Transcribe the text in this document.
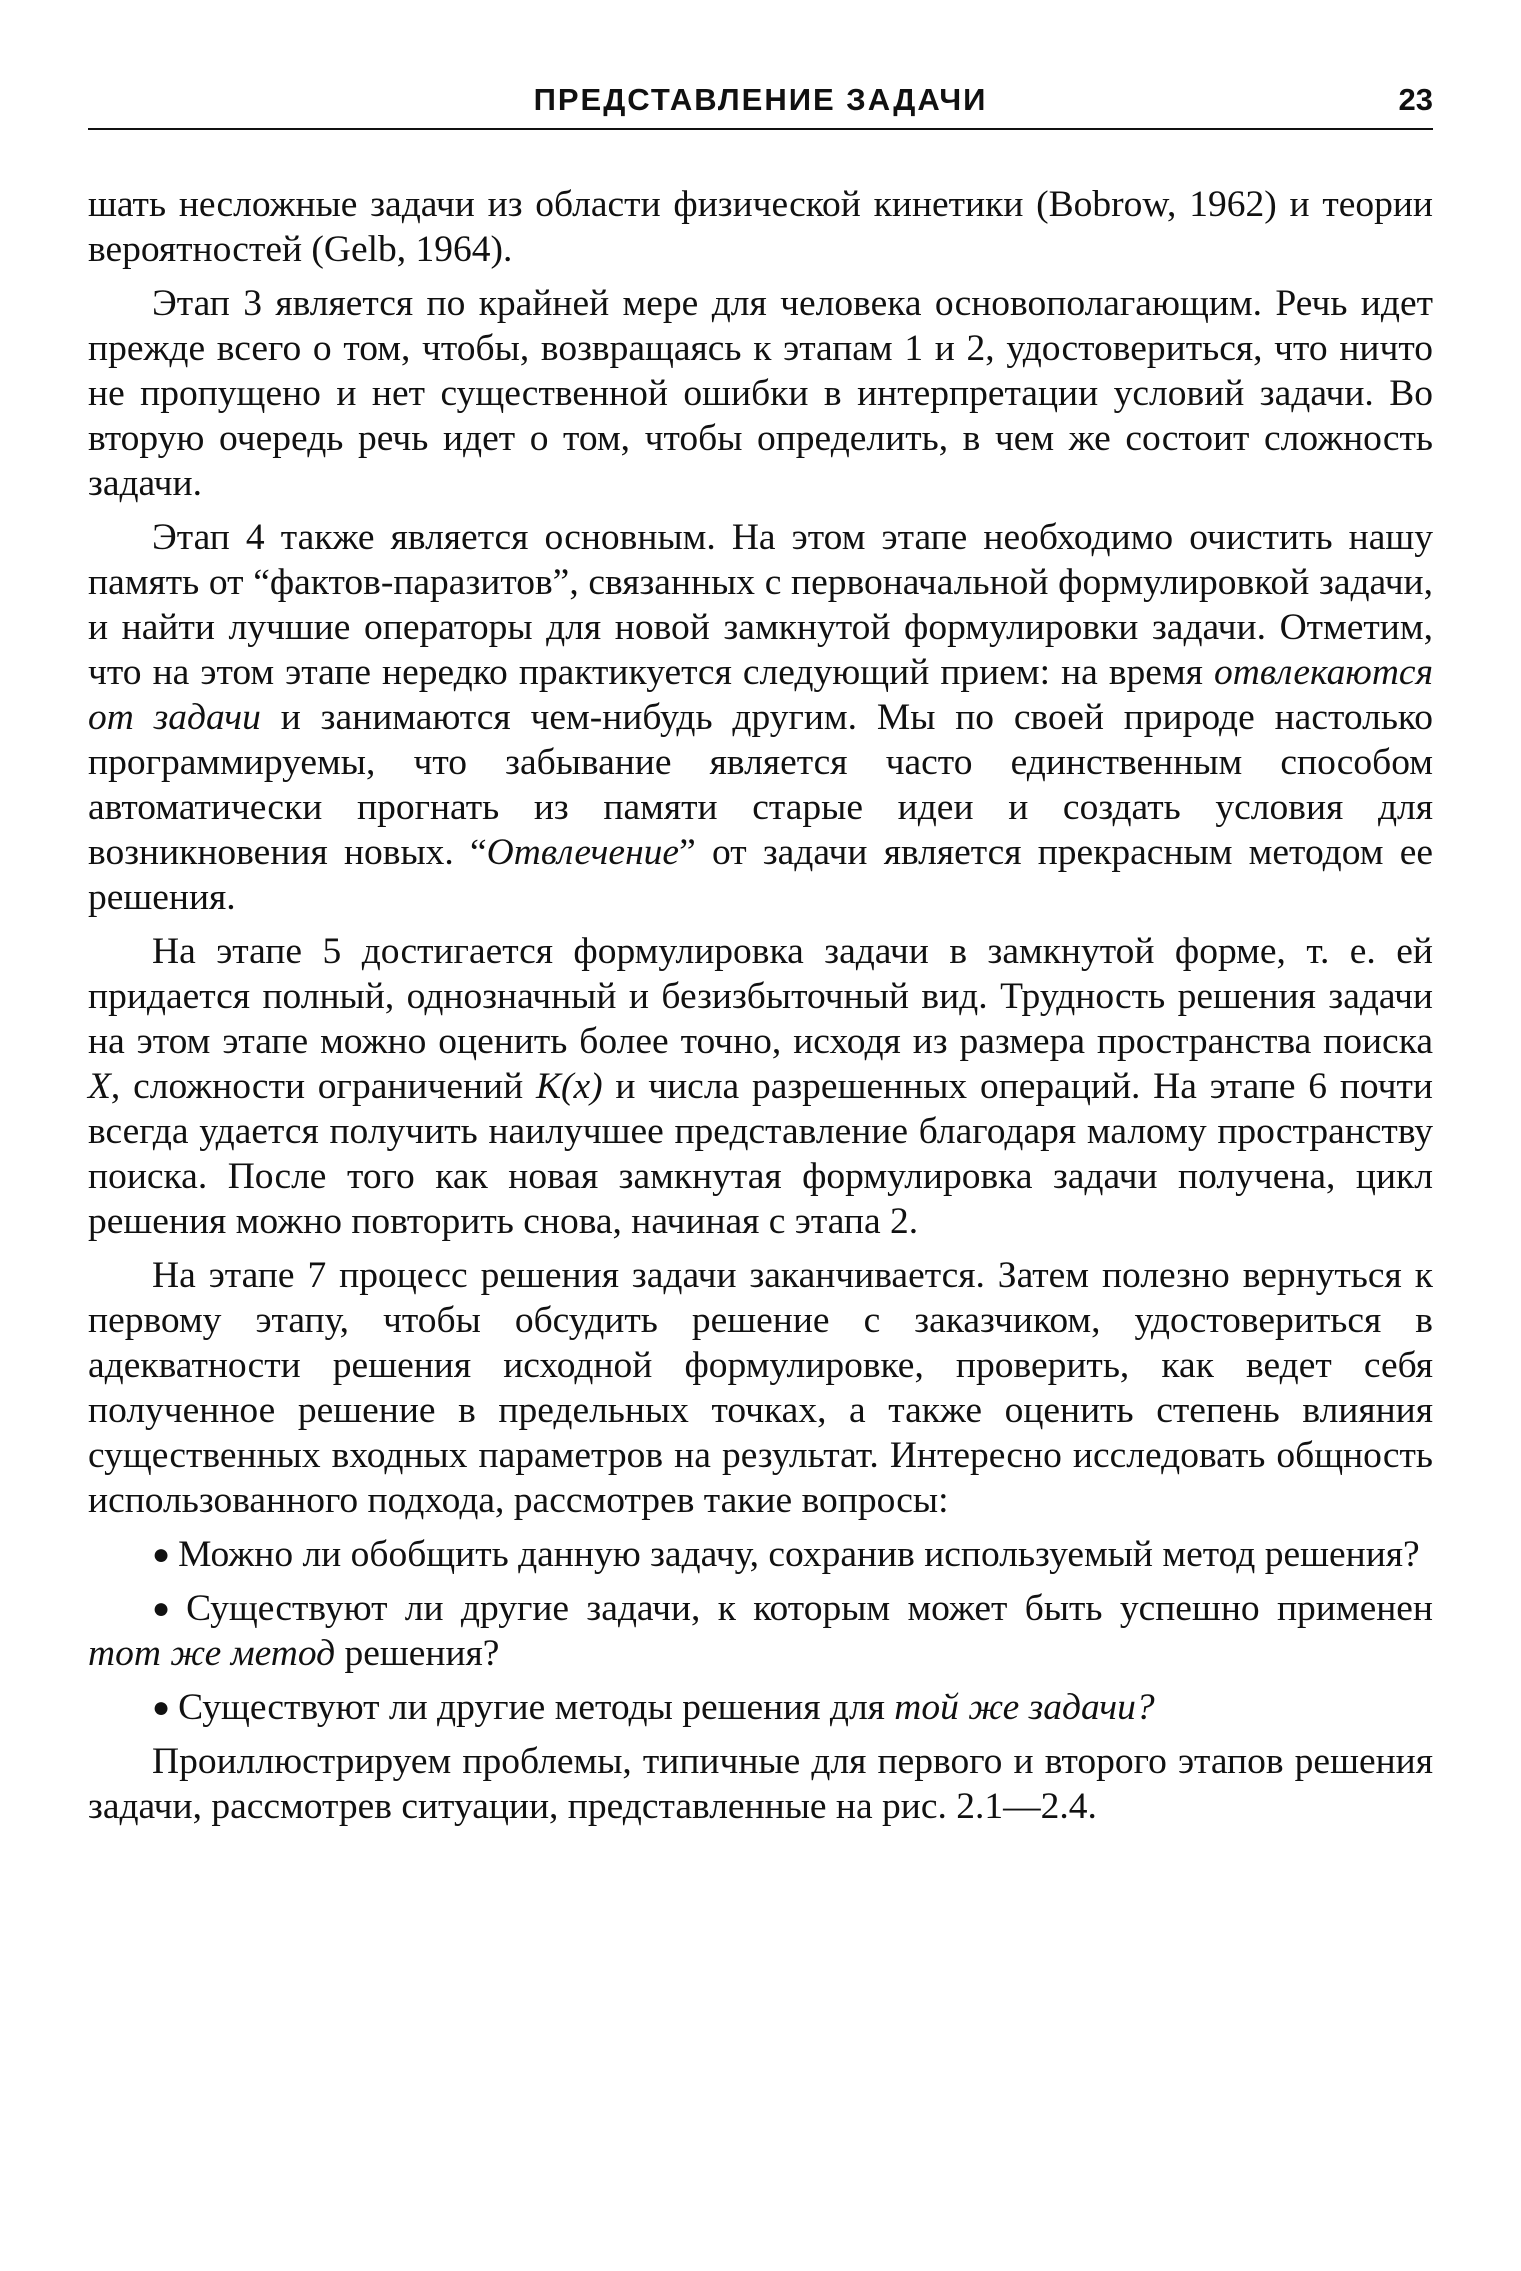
ПРЕДСТАВЛЕНИЕ ЗАДАЧИ	23

шать несложные задачи из области физической кинетики (Bobrow, 1962) и теории вероятностей (Gelb, 1964).

Этап 3 является по крайней мере для человека основополагающим. Речь идет прежде всего о том, чтобы, возвращаясь к этапам 1 и 2, удостовериться, что ничто не пропущено и нет существенной ошибки в интерпретации условий задачи. Во вторую очередь речь идет о том, чтобы определить, в чем же состоит сложность задачи.

Этап 4 также является основным. На этом этапе необходимо очистить нашу память от “фактов-паразитов”, связанных с первоначальной формулировкой задачи, и найти лучшие операторы для новой замкнутой формулировки задачи. Отметим, что на этом этапе нередко практикуется следующий прием: на время отвлекаются от задачи и занимаются чем-нибудь другим. Мы по своей природе настолько программируемы, что забывание является часто единственным способом автоматически прогнать из памяти старые идеи и создать условия для возникновения новых. “Отвлечение” от задачи является прекрасным методом ее решения.

На этапе 5 достигается формулировка задачи в замкнутой форме, т. е. ей придается полный, однозначный и безизбыточный вид. Трудность решения задачи на этом этапе можно оценить более точно, исходя из размера пространства поиска X, сложности ограничений K(x) и числа разрешенных операций. На этапе 6 почти всегда удается получить наилучшее представление благодаря малому пространству поиска. После того как новая замкнутая формулировка задачи получена, цикл решения можно повторить снова, начиная с этапа 2.

На этапе 7 процесс решения задачи заканчивается. Затем полезно вернуться к первому этапу, чтобы обсудить решение с заказчиком, удостовериться в адекватности решения исходной формулировке, проверить, как ведет себя полученное решение в предельных точках, а также оценить степень влияния существенных входных параметров на результат. Интересно исследовать общность использованного подхода, рассмотрев такие вопросы:

● Можно ли обобщить данную задачу, сохранив используемый метод решения?

● Существуют ли другие задачи, к которым может быть успешно применен тот же метод решения?

● Существуют ли другие методы решения для той же задачи?

Проиллюстрируем проблемы, типичные для первого и второго этапов решения задачи, рассмотрев ситуации, представленные на рис. 2.1—2.4.
